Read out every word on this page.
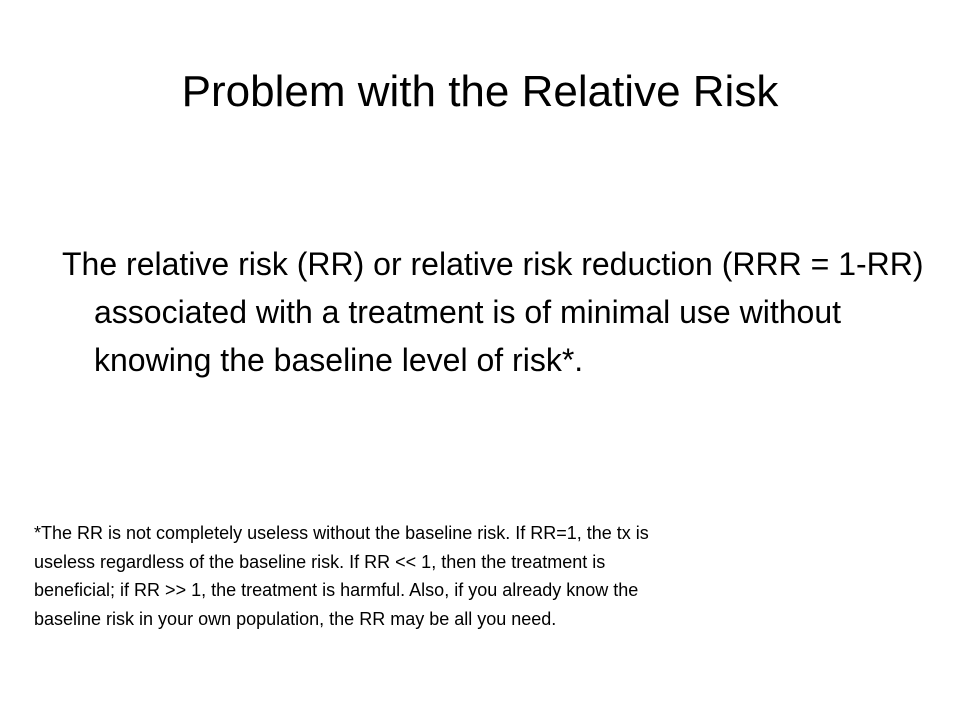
Problem with the Relative Risk

The relative risk (RR) or relative risk reduction (RRR = 1-RR) associated with a treatment is of minimal use without knowing the baseline level of risk*.

*The RR is not completely useless without the baseline risk. If RR=1, the tx is
useless regardless of the baseline risk. If RR << 1, then the treatment is
beneficial; if RR >> 1, the treatment is harmful. Also, if you already know the
baseline risk in your own population, the RR may be all you need.
